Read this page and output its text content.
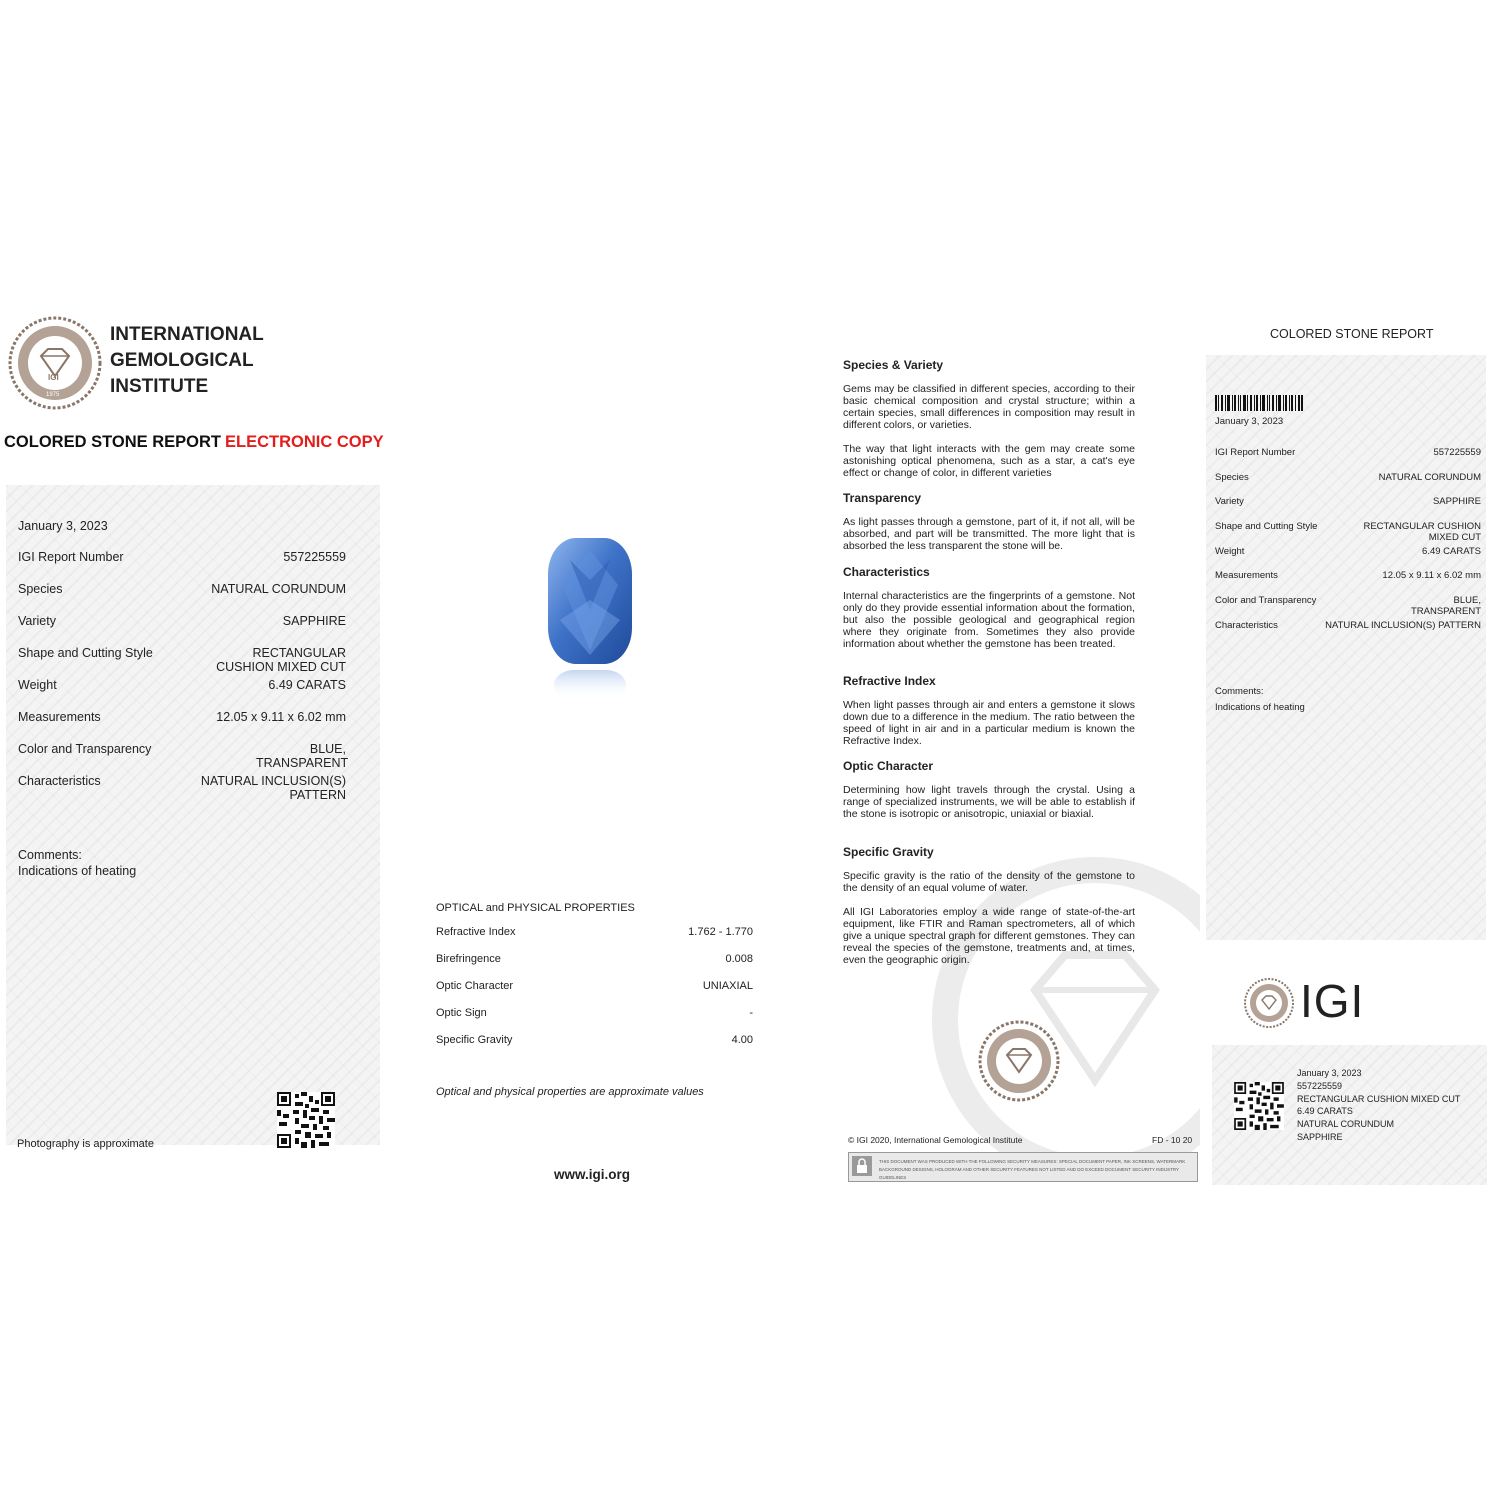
1975
IGI
INTERNATIONAL
GEMOLOGICAL
INSTITUTE
COLORED STONE REPORT ELECTRONIC COPY
January 3, 2023
IGI Report Number	557225559
Species	NATURAL CORUNDUM
Variety	SAPPHIRE
Shape and Cutting Style	RECTANGULAR CUSHION MIXED CUT
Weight	6.49 CARATS
Measurements	12.05 x 9.11 x 6.02 mm
Color and Transparency	BLUE, TRANSPARENT
Characteristics	NATURAL INCLUSION(S) PATTERN
Comments:
Indications of heating
Photography is approximate
OPTICAL and PHYSICAL PROPERTIES
Refractive Index	1.762 - 1.770
Birefringence	0.008
Optic Character	UNIAXIAL
Optic Sign	-
Specific Gravity	4.00
Optical and physical properties are approximate values
www.igi.org
Species & Variety
Gems may be classified in different species, according to their basic chemical composition and crystal structure; within a certain species, small differences in composition may result in different colors, or varieties.
The way that light interacts with the gem may create some astonishing optical phenomena, such as a star, a cat's eye effect or change of color, in different varieties
Transparency
As light passes through a gemstone, part of it, if not all, will be absorbed, and part will be transmitted. The more light that is absorbed the less transparent the stone will be.
Characteristics
Internal characteristics are the fingerprints of a gemstone. Not only do they provide essential information about the formation, but also the possible geological and geographical region where they originate from. Sometimes they also provide information about whether the gemstone has been treated.
Refractive Index
When light passes through air and enters a gemstone it slows down due to a difference in the medium. The ratio between the speed of light in air and in a particular medium is known the Refractive Index.
Optic Character
Determining how light travels through the crystal. Using a range of specialized instruments, we will be able to establish if the stone is isotropic or anisotropic, uniaxial or biaxial.
Specific Gravity
Specific gravity is the ratio of the density of the gemstone to the density of an equal volume of water.
All IGI Laboratories employ a wide range of state-of-the-art equipment, like FTIR and Raman spectrometers, all of which give a unique spectral graph for different gemstones. They can reveal the species of the gemstone, treatments and, at times, even the geographic origin.
© IGI 2020, International Gemological Institute	FD - 10 20
THIS DOCUMENT WAS PRODUCED WITH THE FOLLOWING SECURITY MEASURES: SPECIAL DOCUMENT PAPER, INK SCREENS, WATERMARK BACKGROUND DESIGNS, HOLOGRAM AND OTHER SECURITY FEATURES NOT LISTED AND DO EXCEED DOCUMENT SECURITY INDUSTRY GUIDELINES
COLORED STONE REPORT
January 3, 2023
IGI Report Number	557225559
Species	NATURAL CORUNDUM
Variety	SAPPHIRE
Shape and Cutting Style	RECTANGULAR CUSHION MIXED CUT
Weight	6.49 CARATS
Measurements	12.05 x 9.11 x 6.02 mm
Color and Transparency	BLUE, TRANSPARENT
Characteristics	NATURAL INCLUSION(S) PATTERN
Comments:
Indications of heating
IGI
January 3, 2023
557225559
RECTANGULAR CUSHION MIXED CUT
6.49 CARATS
NATURAL CORUNDUM
SAPPHIRE
